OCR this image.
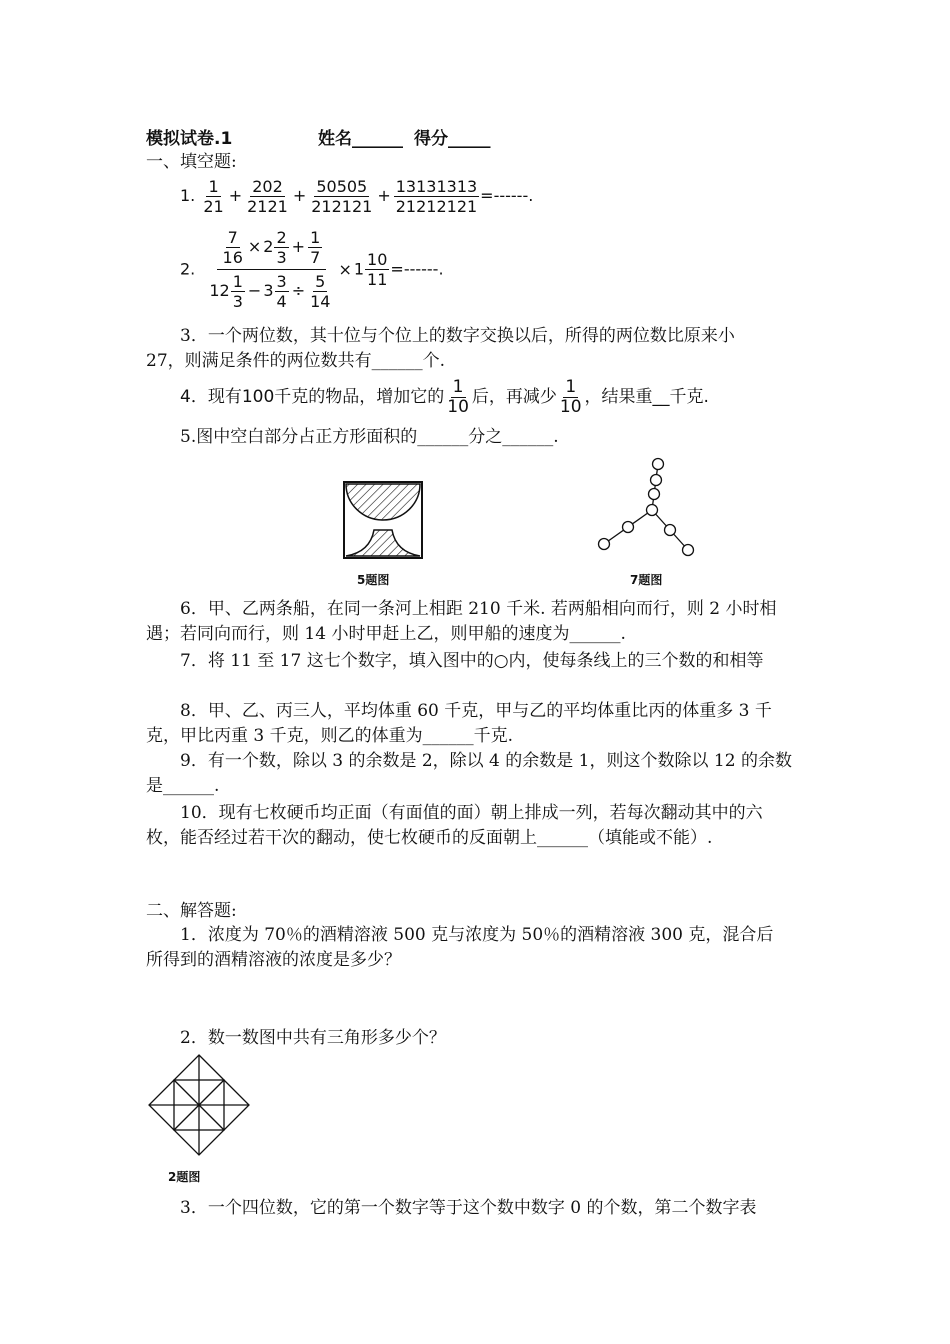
模拟试卷.1	姓名______ 得分_____
一、填空题:
1. $\frac{1}{21} + \frac{202}{2121} + \frac{50505}{212121} + \frac{13131313}{21212121}$ =------.
2. $\frac{\frac{7}{16} \times 2 \frac{2}{3} + \frac{1}{7}}{12 \frac{1}{3} - 3 \frac{3}{4} \div \frac{5}{14}} \times 1 \frac{10}{11}$ =------.
3．一个两位数，其十位与个位上的数字交换以后，所得的两位数比原来小
27，则满足条件的两位数共有______个.
4．现有100千克的物品，增加它的 $\frac{1}{10}$ 后，再减少 $\frac{1}{10}$ ，结果重__千克.
5.图中空白部分占正方形面积的______分之______.
5题图	7题图
6．甲、乙两条船，在同一条河上相距 210 千米. 若两船相向而行，则 2 小时相
遇；若同向而行，则 14 小时甲赶上乙，则甲船的速度为______.
7．将 11 至 17 这七个数字，填入图中的○内，使每条线上的三个数的和相等
8．甲、乙、丙三人，平均体重 60 千克，甲与乙的平均体重比丙的体重多 3 千
克，甲比丙重 3 千克，则乙的体重为______千克.
9．有一个数，除以 3 的余数是 2，除以 4 的余数是 1，则这个数除以 12 的余数
是______.
10．现有七枚硬币均正面（有面值的面）朝上排成一列，若每次翻动其中的六
枚，能否经过若干次的翻动，使七枚硬币的反面朝上______（填能或不能）.
二、解答题:
1．浓度为 70％的酒精溶液 500 克与浓度为 50％的酒精溶液 300 克，混合后
所得到的酒精溶液的浓度是多少？
2．数一数图中共有三角形多少个？
2题图
3．一个四位数，它的第一个数字等于这个数中数字 0 的个数，第二个数字表
